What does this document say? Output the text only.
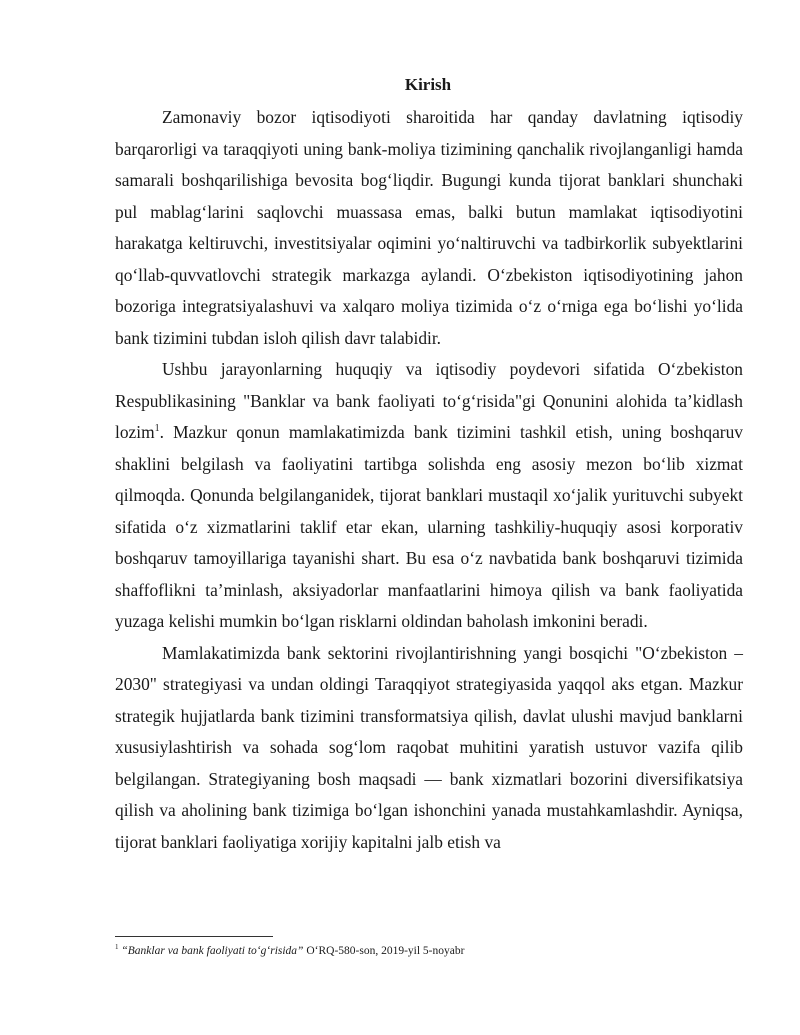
Kirish

Zamonaviy bozor iqtisodiyoti sharoitida har qanday davlatning iqtisodiy barqarorligi va taraqqiyoti uning bank-moliya tizimining qanchalik rivojlanganligi hamda samarali boshqarilishiga bevosita bog‘liqdir. Bugungi kunda tijorat banklari shunchaki pul mablag‘larini saqlovchi muassasa emas, balki butun mamlakat iqtisodiyotini harakatga keltiruvchi, investitsiyalar oqimini yo‘naltiruvchi va tadbirkorlik subyektlarini qo‘llab-quvvatlovchi strategik markazga aylandi. O‘zbekiston iqtisodiyotining jahon bozoriga integratsiyalashuvi va xalqaro moliya tizimida o‘z o‘rniga ega bo‘lishi yo‘lida bank tizimini tubdan isloh qilish davr talabidir.

Ushbu jarayonlarning huquqiy va iqtisodiy poydevori sifatida O‘zbekiston Respublikasining "Banklar va bank faoliyati to‘g‘risida"gi Qonunini alohida ta’kidlash lozim$^1$. Mazkur qonun mamlakatimizda bank tizimini tashkil etish, uning boshqaruv shaklini belgilash va faoliyatini tartibga solishda eng asosiy mezon bo‘lib xizmat qilmoqda. Qonunda belgilanganidek, tijorat banklari mustaqil xo‘jalik yurituvchi subyekt sifatida o‘z xizmatlarini taklif etar ekan, ularning tashkiliy-huquqiy asosi korporativ boshqaruv tamoyillariga tayanishi shart. Bu esa o‘z navbatida bank boshqaruvi tizimida shaffoflikni ta’minlash, aksiyadorlar manfaatlarini himoya qilish va bank faoliyatida yuzaga kelishi mumkin bo‘lgan risklarni oldindan baholash imkonini beradi.

Mamlakatimizda bank sektorini rivojlantirishning yangi bosqichi "O‘zbekiston – 2030" strategiyasi va undan oldingi Taraqqiyot strategiyasida yaqqol aks etgan. Mazkur strategik hujjatlarda bank tizimini transformatsiya qilish, davlat ulushi mavjud banklarni xususiylashtirish va sohada sog‘lom raqobat muhitini yaratish ustuvor vazifa qilib belgilangan. Strategiyaning bosh maqsadi — bank xizmatlari bozorini diversifikatsiya qilish va aholining bank tizimiga bo‘lgan ishonchini yanada mustahkamlashdir. Ayniqsa, tijorat banklari faoliyatiga xorijiy kapitalni jalb etish va

$^1$ “Banklar va bank faoliyati to‘g‘risida” O‘RQ-580-son, 2019-yil 5-noyabr
